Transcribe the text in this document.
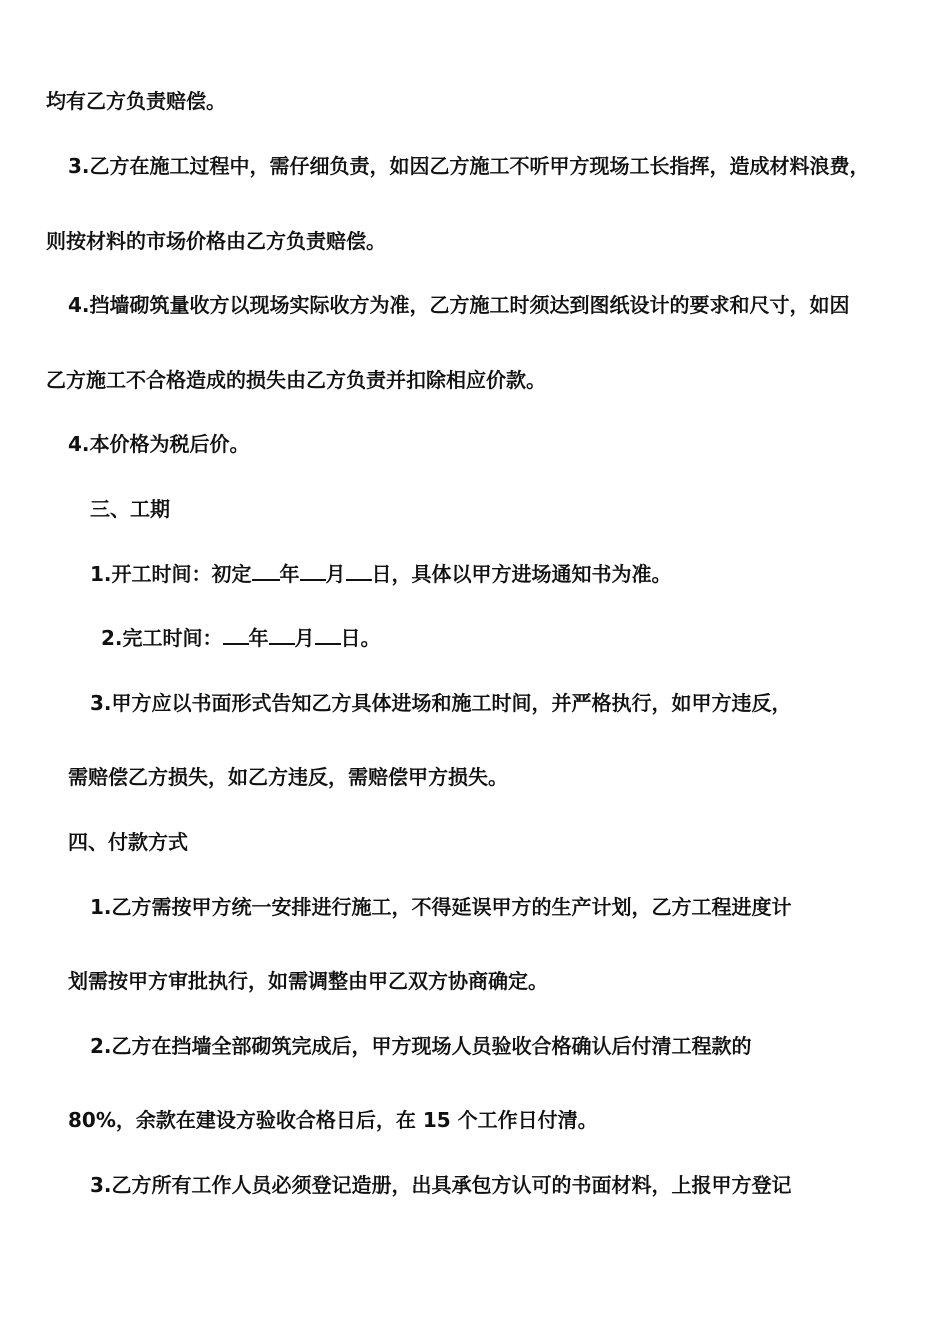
均有乙方负责赔偿。
3.乙方在施工过程中，需仔细负责，如因乙方施工不听甲方现场工长指挥，造成材料浪费，
则按材料的市场价格由乙方负责赔偿。
4.挡墙砌筑量收方以现场实际收方为准，乙方施工时须达到图纸设计的要求和尺寸，如因
乙方施工不合格造成的损失由乙方负责并扣除相应价款。
4.本价格为税后价。
三、工期
1.开工时间：初定 年 月 日，具体以甲方进场通知书为准。
2.完工时间： 年 月 日。
3.甲方应以书面形式告知乙方具体进场和施工时间，并严格执行，如甲方违反，
需赔偿乙方损失，如乙方违反，需赔偿甲方损失。
四、付款方式
1.乙方需按甲方统一安排进行施工，不得延误甲方的生产计划，乙方工程进度计
划需按甲方审批执行，如需调整由甲乙双方协商确定。
2.乙方在挡墙全部砌筑完成后，甲方现场人员验收合格确认后付清工程款的
80%，余款在建设方验收合格日后，在 15 个工作日付清。
3.乙方所有工作人员必须登记造册，出具承包方认可的书面材料，上报甲方登记
